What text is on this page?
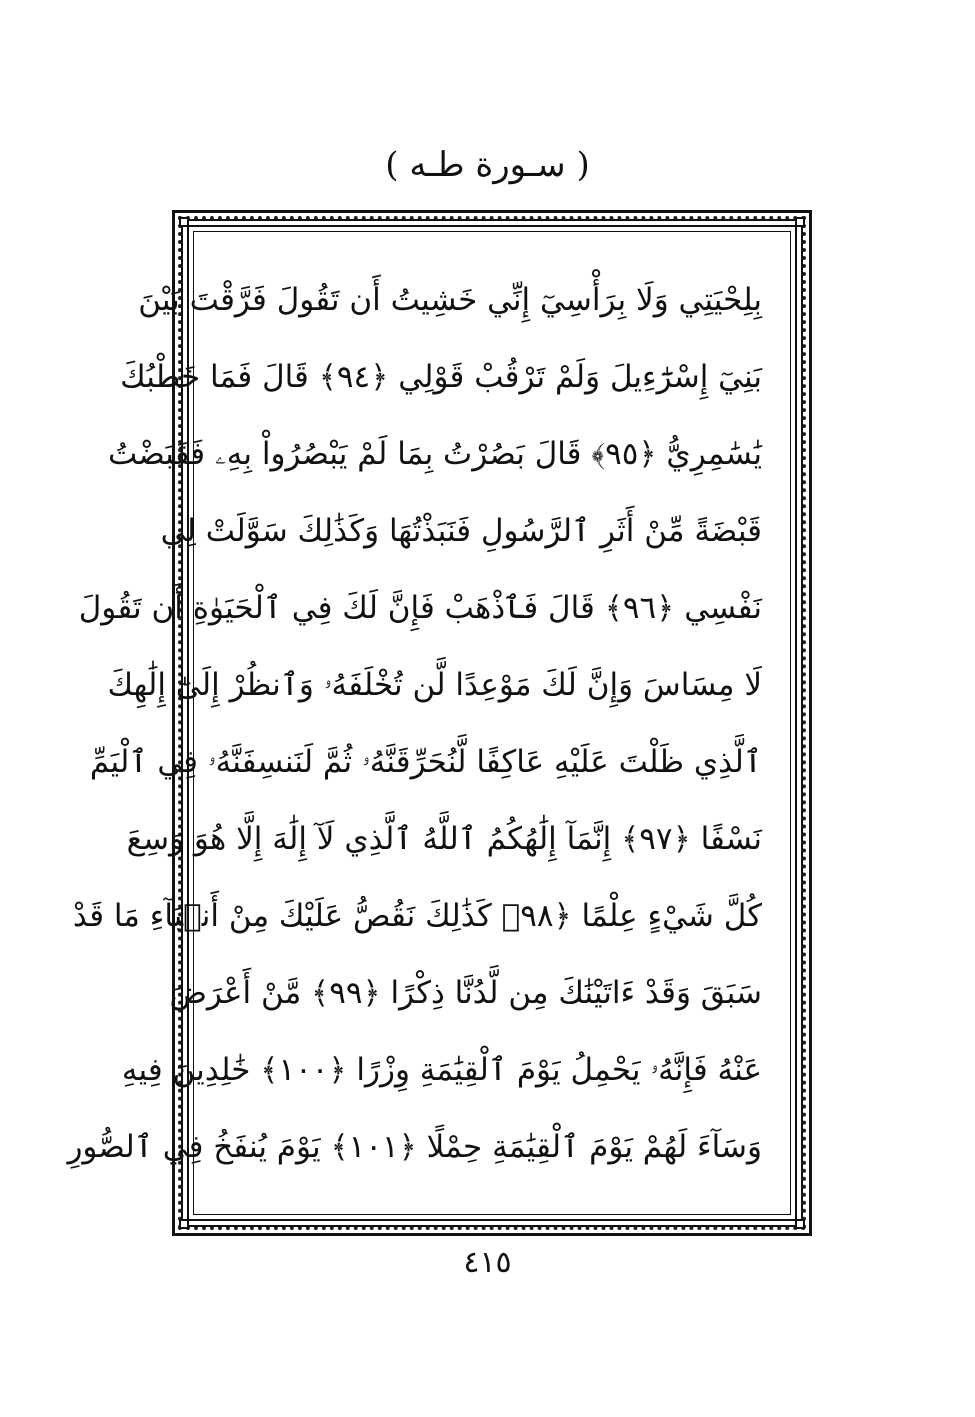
( سـورة طـه )
بِلِحْيَتِي وَلَا بِرَأْسِيٓ إِنِّي خَشِيتُ أَن تَقُولَ فَرَّقْتَ بَيْنَ
بَنِيٓ إِسْرَٰٓءِيلَ وَلَمْ تَرْقُبْ قَوْلِي ﴿٩٤﴾ قَالَ فَمَا خَطْبُكَ
يَٰسَٰمِرِيُّ ﴿٩٥﴾ قَالَ بَصُرْتُ بِمَا لَمْ يَبْصُرُواْ بِهِۦ فَقَبَضْتُ
قَبْضَةً مِّنْ أَثَرِ ٱلرَّسُولِ فَنَبَذْتُهَا وَكَذَٰلِكَ سَوَّلَتْ لِي
نَفْسِي ﴿٩٦﴾ قَالَ فَٱذْهَبْ فَإِنَّ لَكَ فِي ٱلْحَيَوٰةِ أَن تَقُولَ
لَا مِسَاسَ وَإِنَّ لَكَ مَوْعِدًا لَّن تُخْلَفَهُۥ وَٱنظُرْ إِلَىٰٓ إِلَٰهِكَ
ٱلَّذِي ظَلْتَ عَلَيْهِ عَاكِفًا لَّنُحَرِّقَنَّهُۥ ثُمَّ لَنَنسِفَنَّهُۥ فِي ٱلْيَمِّ
نَسْفًا ﴿٩٧﴾ إِنَّمَآ إِلَٰهُكُمُ ٱللَّهُ ٱلَّذِي لَآ إِلَٰهَ إِلَّا هُوَ وَسِعَ
كُلَّ شَيْءٍ عِلْمًا ﴿٩٨﴾ كَذَٰلِكَ نَقُصُّ عَلَيْكَ مِنْ أَنۢبَآءِ مَا قَدْ
سَبَقَ وَقَدْ ءَاتَيْنَٰكَ مِن لَّدُنَّا ذِكْرًا ﴿٩٩﴾ مَّنْ أَعْرَضَ
عَنْهُ فَإِنَّهُۥ يَحْمِلُ يَوْمَ ٱلْقِيَٰمَةِ وِزْرًا ﴿١٠٠﴾ خَٰلِدِينَ فِيهِ
وَسَآءَ لَهُمْ يَوْمَ ٱلْقِيَٰمَةِ حِمْلًا ﴿١٠١﴾ يَوْمَ يُنفَخُ فِي ٱلصُّورِ
٤١٥
